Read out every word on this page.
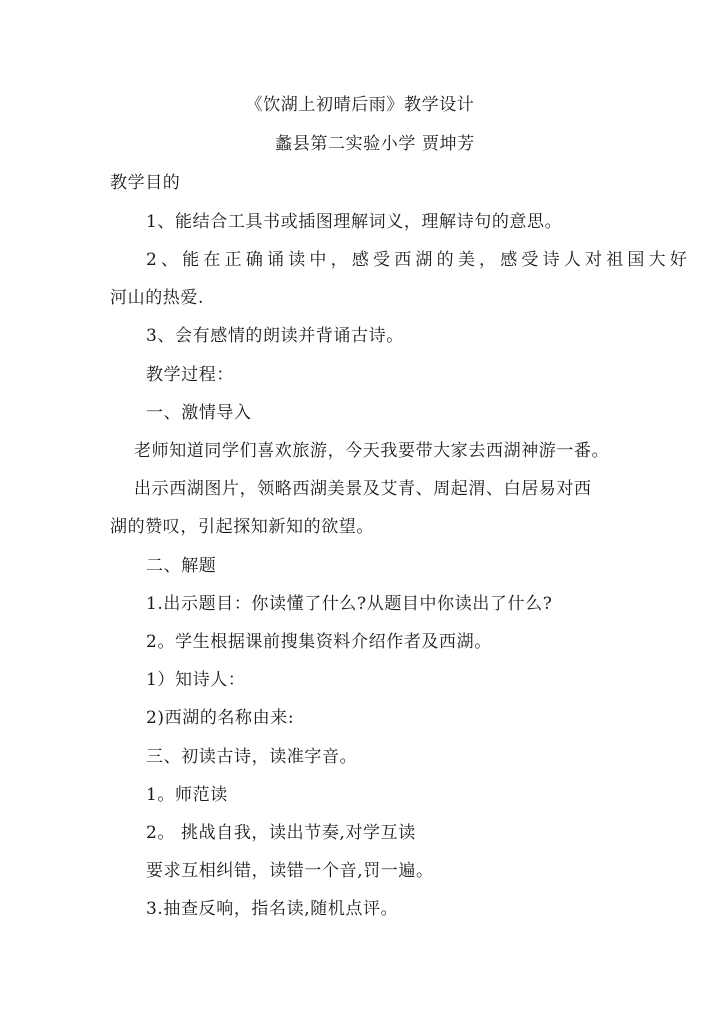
《饮湖上初晴后雨》教学设计
蠡县第二实验小学 贾坤芳
教学目的
1、能结合工具书或插图理解词义，理解诗句的意思。
2、能在正确诵读中，感受西湖的美，感受诗人对祖国大好
河山的热爱.
3、会有感情的朗读并背诵古诗。
教学过程：
一、激情导入
老师知道同学们喜欢旅游，今天我要带大家去西湖神游一番。
出示西湖图片，领略西湖美景及艾青、周起渭、白居易对西
湖的赞叹，引起探知新知的欲望。
二、解题
1.出示题目：你读懂了什么?从题目中你读出了什么?
2。学生根据课前搜集资料介绍作者及西湖。
1）知诗人：
2)西湖的名称由来:
三、初读古诗，读准字音。
1。师范读
2。 挑战自我，读出节奏,对学互读
要求互相纠错，读错一个音,罚一遍。
3.抽查反响，指名读,随机点评。
